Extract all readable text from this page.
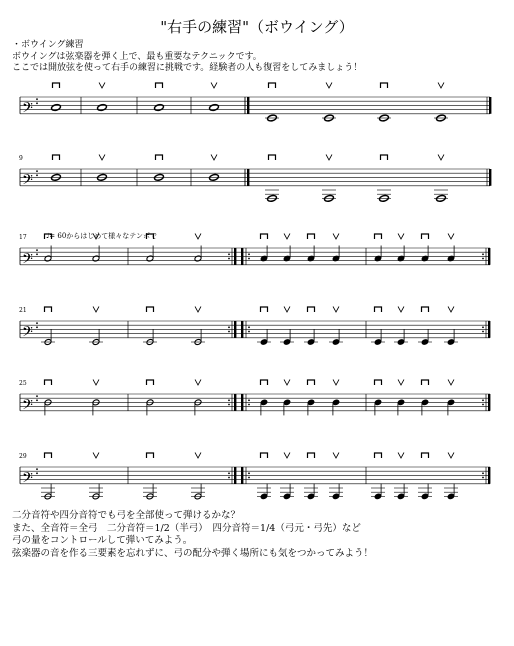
"右手の練習"（ボウイング）
・ボウイング練習
ボウイングは弦楽器を弾く上で、最も重要なテクニックです。
ここでは開放弦を使って右手の練習に挑戦です。経験者の人も復習をしてみましょう！
𝄢
𝄢
9
𝄢
17
𝄢
21
𝄢
25
𝄢
29
♩= 60からはじめて様々なテンポで
二分音符や四分音符でも弓を全部使って弾けるかな？
また、全音符＝全弓　二分音符＝1/2（半弓）　四分音符＝1/4（弓元・弓先）など
弓の量をコントロールして弾いてみよう。
弦楽器の音を作る三要素を忘れずに、弓の配分や弾く場所にも気をつかってみよう！
